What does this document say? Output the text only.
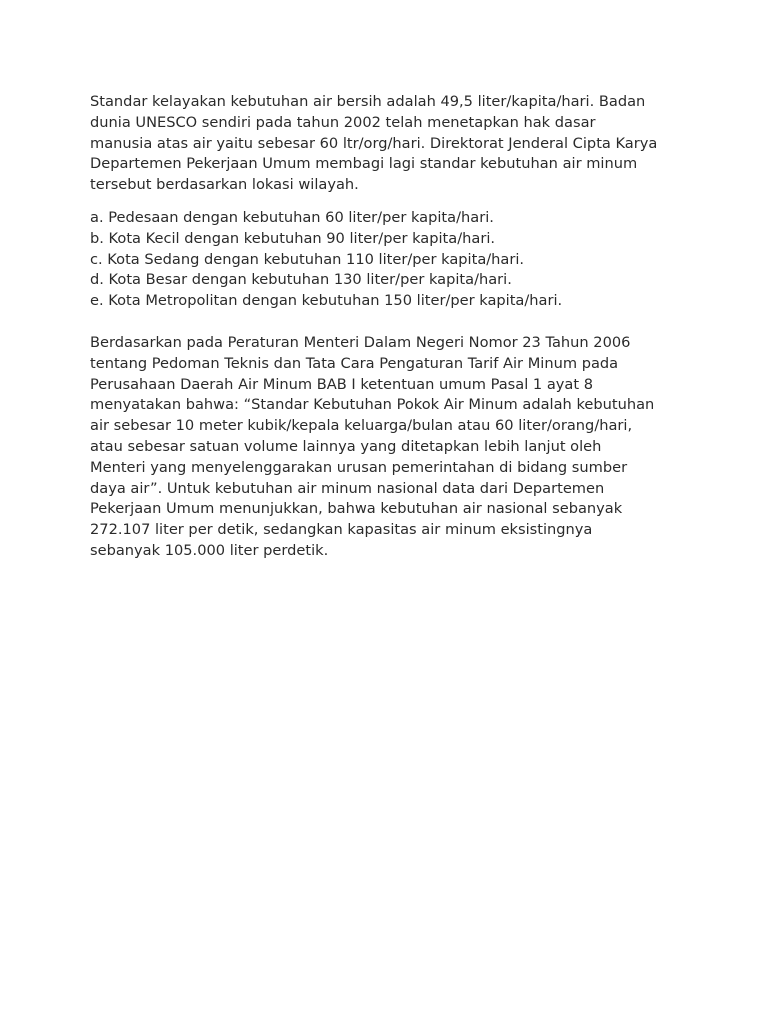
Standar kelayakan kebutuhan air bersih adalah 49,5 liter/kapita/hari. Badan
dunia UNESCO sendiri pada tahun 2002 telah menetapkan hak dasar
manusia atas air yaitu sebesar 60 ltr/org/hari. Direktorat Jenderal Cipta Karya
Departemen Pekerjaan Umum membagi lagi standar kebutuhan air minum
tersebut berdasarkan lokasi wilayah.

a. Pedesaan dengan kebutuhan 60 liter/per kapita/hari.
b. Kota Kecil dengan kebutuhan 90 liter/per kapita/hari.
c. Kota Sedang dengan kebutuhan 110 liter/per kapita/hari.
d. Kota Besar dengan kebutuhan 130 liter/per kapita/hari.
e. Kota Metropolitan dengan kebutuhan 150 liter/per kapita/hari.

Berdasarkan pada Peraturan Menteri Dalam Negeri Nomor 23 Tahun 2006
tentang Pedoman Teknis dan Tata Cara Pengaturan Tarif Air Minum pada
Perusahaan Daerah Air Minum BAB I ketentuan umum Pasal 1 ayat 8
menyatakan bahwa: “Standar Kebutuhan Pokok Air Minum adalah kebutuhan
air sebesar 10 meter kubik/kepala keluarga/bulan atau 60 liter/orang/hari,
atau sebesar satuan volume lainnya yang ditetapkan lebih lanjut oleh
Menteri yang menyelenggarakan urusan pemerintahan di bidang sumber
daya air”. Untuk kebutuhan air minum nasional data dari Departemen
Pekerjaan Umum menunjukkan, bahwa kebutuhan air nasional sebanyak
272.107 liter per detik, sedangkan kapasitas air minum eksistingnya
sebanyak 105.000 liter perdetik.
